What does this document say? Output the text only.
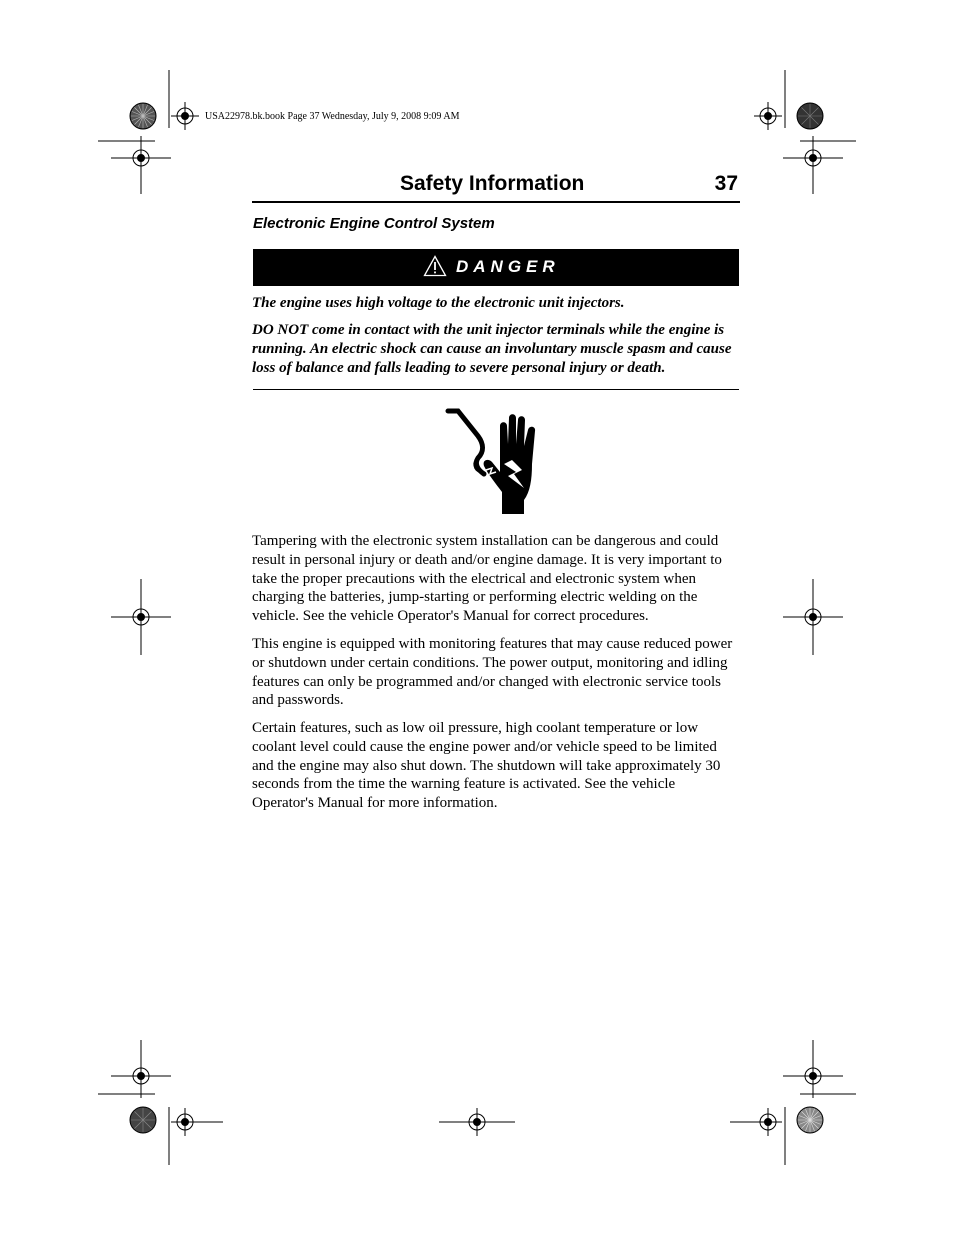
USA22978.bk.book Page 37 Wednesday, July 9, 2008 9:09 AM
Safety Information	37
Electronic Engine Control System
DANGER

The engine uses high voltage to the electronic unit injectors.

DO NOT come in contact with the unit injector terminals while the engine is running. An electric shock can cause an involuntary muscle spasm and cause loss of balance and falls leading to severe personal injury or death.

Tampering with the electronic system installation can be dangerous and could result in personal injury or death and/or engine damage. It is very important to take the proper precautions with the electrical and electronic system when charging the batteries, jump-starting or performing electric welding on the vehicle. See the vehicle Operator's Manual for correct procedures.

This engine is equipped with monitoring features that may cause reduced power or shutdown under certain conditions. The power output, monitoring and idling features can only be programmed and/or changed with electronic service tools and passwords.

Certain features, such as low oil pressure, high coolant temperature or low coolant level could cause the engine power and/or vehicle speed to be limited and the engine may also shut down. The shutdown will take approximately 30 seconds from the time the warning feature is activated. See the vehicle Operator's Manual for more information.
